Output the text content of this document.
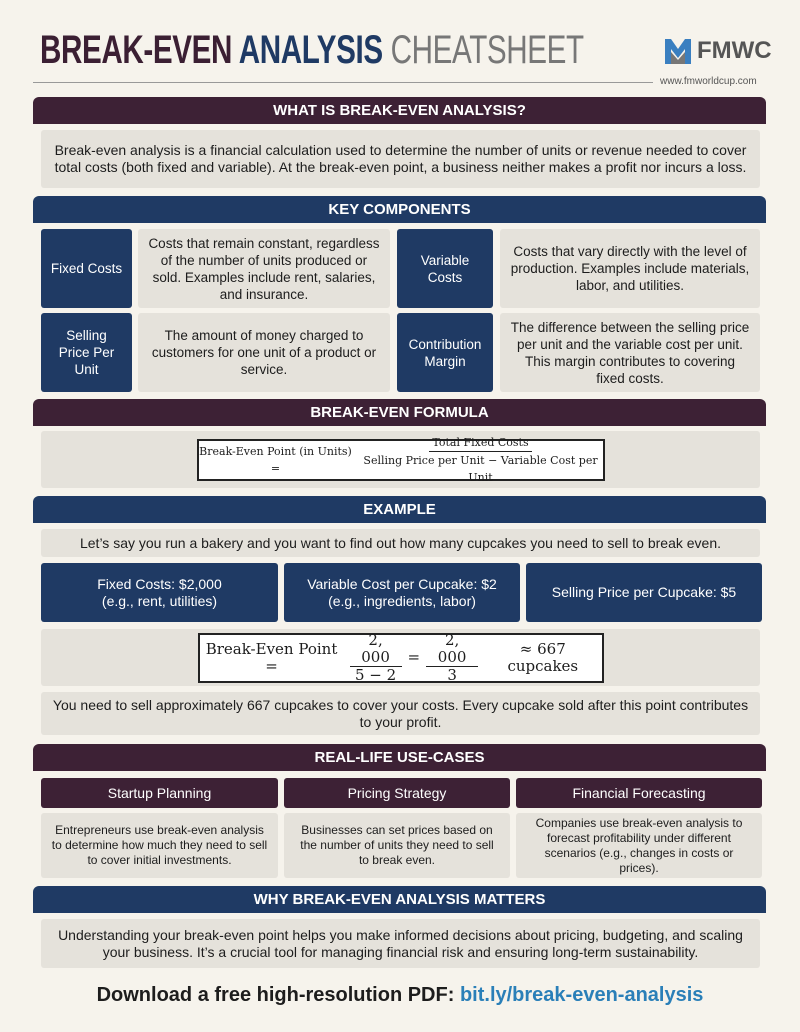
BREAK-EVEN ANALYSIS CHEATSHEET	FMWC
www.fmworldcup.com
WHAT IS BREAK-EVEN ANALYSIS?
Break-even analysis is a financial calculation used to determine the number of units or revenue needed to cover total costs (both fixed and variable). At the break-even point, a business neither makes a profit nor incurs a loss.
KEY COMPONENTS
Fixed Costs
Costs that remain constant, regardless of the number of units produced or sold. Examples include rent, salaries, and insurance.
Variable Costs
Costs that vary directly with the level of production. Examples include materials, labor, and utilities.
Selling Price Per Unit
The amount of money charged to customers for one unit of a product or service.
Contribution Margin
The difference between the selling price per unit and the variable cost per unit. This margin contributes to covering fixed costs.
BREAK-EVEN FORMULA
Break-Even Point (in Units) =	$\frac{\text{Total Fixed Costs}}{\text{Selling Price per Unit − Variable Cost per Unit}}$
EXAMPLE
Let’s say you run a bakery and you want to find out how many cupcakes you need to sell to break even.
Fixed Costs: $2,000
(e.g., rent, utilities)
Variable Cost per Cupcake: $2
(e.g., ingredients, labor)
Selling Price per Cupcake: $5
Break-Even Point =	$\frac{2, 000}{5 - 2} = \frac{2, 000}{3}$	≈ 667 cupcakes
You need to sell approximately 667 cupcakes to cover your costs. Every cupcake sold after this point contributes to your profit.
REAL-LIFE USE-CASES
Startup Planning	Pricing Strategy	Financial Forecasting
Entrepreneurs use break-even analysis to determine how much they need to sell to cover initial investments.
Businesses can set prices based on the number of units they need to sell to break even.
Companies use break-even analysis to forecast profitability under different scenarios (e.g., changes in costs or prices).
WHY BREAK-EVEN ANALYSIS MATTERS
Understanding your break-even point helps you make informed decisions about pricing, budgeting, and scaling your business. It’s a crucial tool for managing financial risk and ensuring long-term sustainability.
Download a free high-resolution PDF: bit.ly/break-even-analysis
